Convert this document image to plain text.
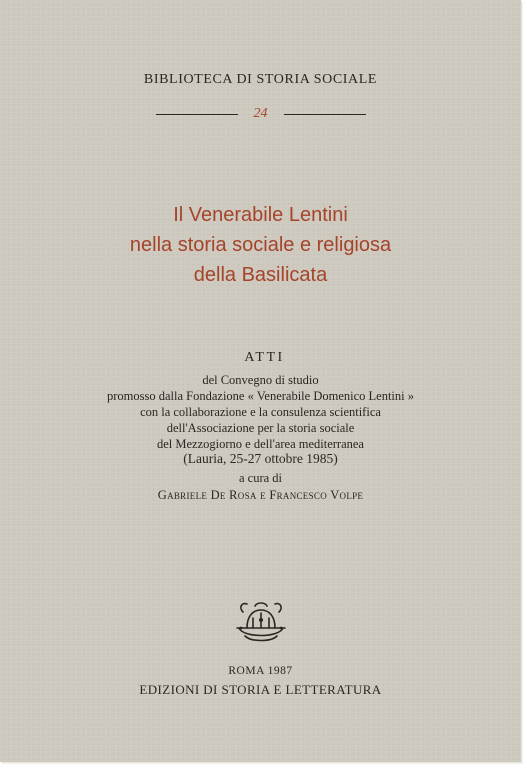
BIBLIOTECA DI STORIA SOCIALE
24
Il Venerabile Lentini
nella storia sociale e religiosa
della Basilicata
ATTI
del Convegno di studio
promosso dalla Fondazione « Venerabile Domenico Lentini »
con la collaborazione e la consulenza scientifica
dell'Associazione per la storia sociale
del Mezzogiorno e dell'area mediterranea
(Lauria, 25-27 ottobre 1985)
a cura di
Gabriele De Rosa e Francesco Volpe
ROMA 1987
EDIZIONI DI STORIA E LETTERATURA
